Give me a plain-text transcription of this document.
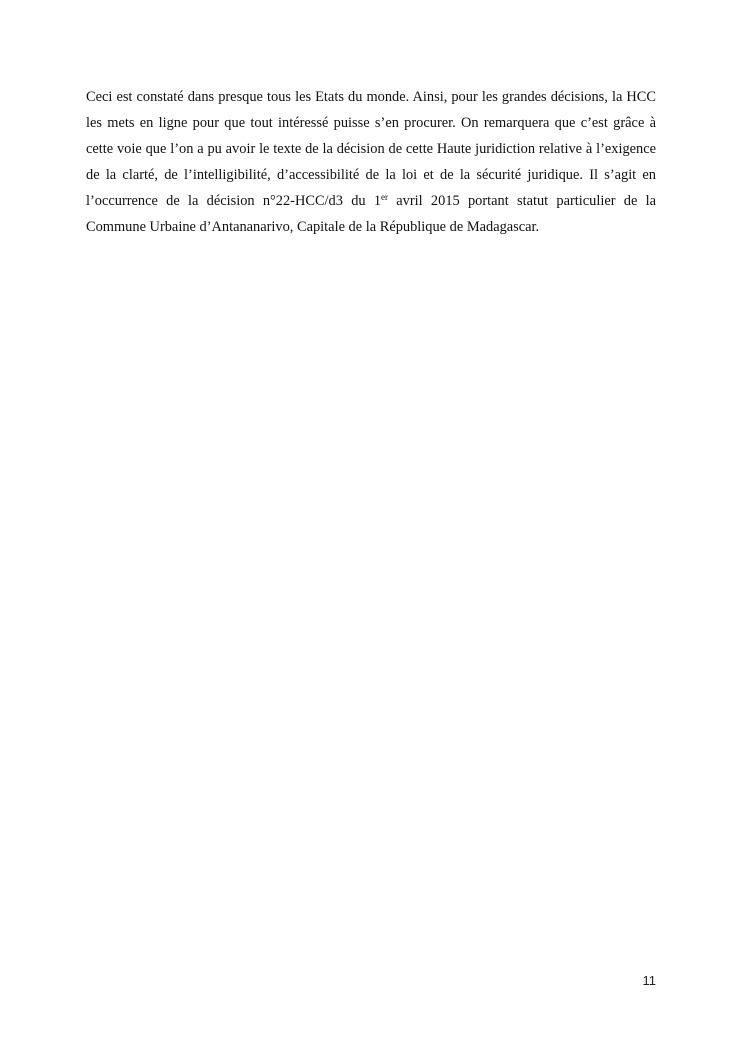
Ceci est constaté dans presque tous les Etats du monde. Ainsi, pour les grandes décisions, la HCC les mets en ligne pour que tout intéressé puisse s’en procurer. On remarquera que c’est grâce à cette voie que l’on a pu avoir le texte de la décision de cette Haute juridiction relative à l’exigence de la clarté, de l’intelligibilité, d’accessibilité de la loi et de la sécurité juridique. Il s’agit en l’occurrence de la décision n°22-HCC/d3 du 1er avril 2015 portant statut particulier de la Commune Urbaine d’Antananarivo, Capitale de la République de Madagascar.

11
